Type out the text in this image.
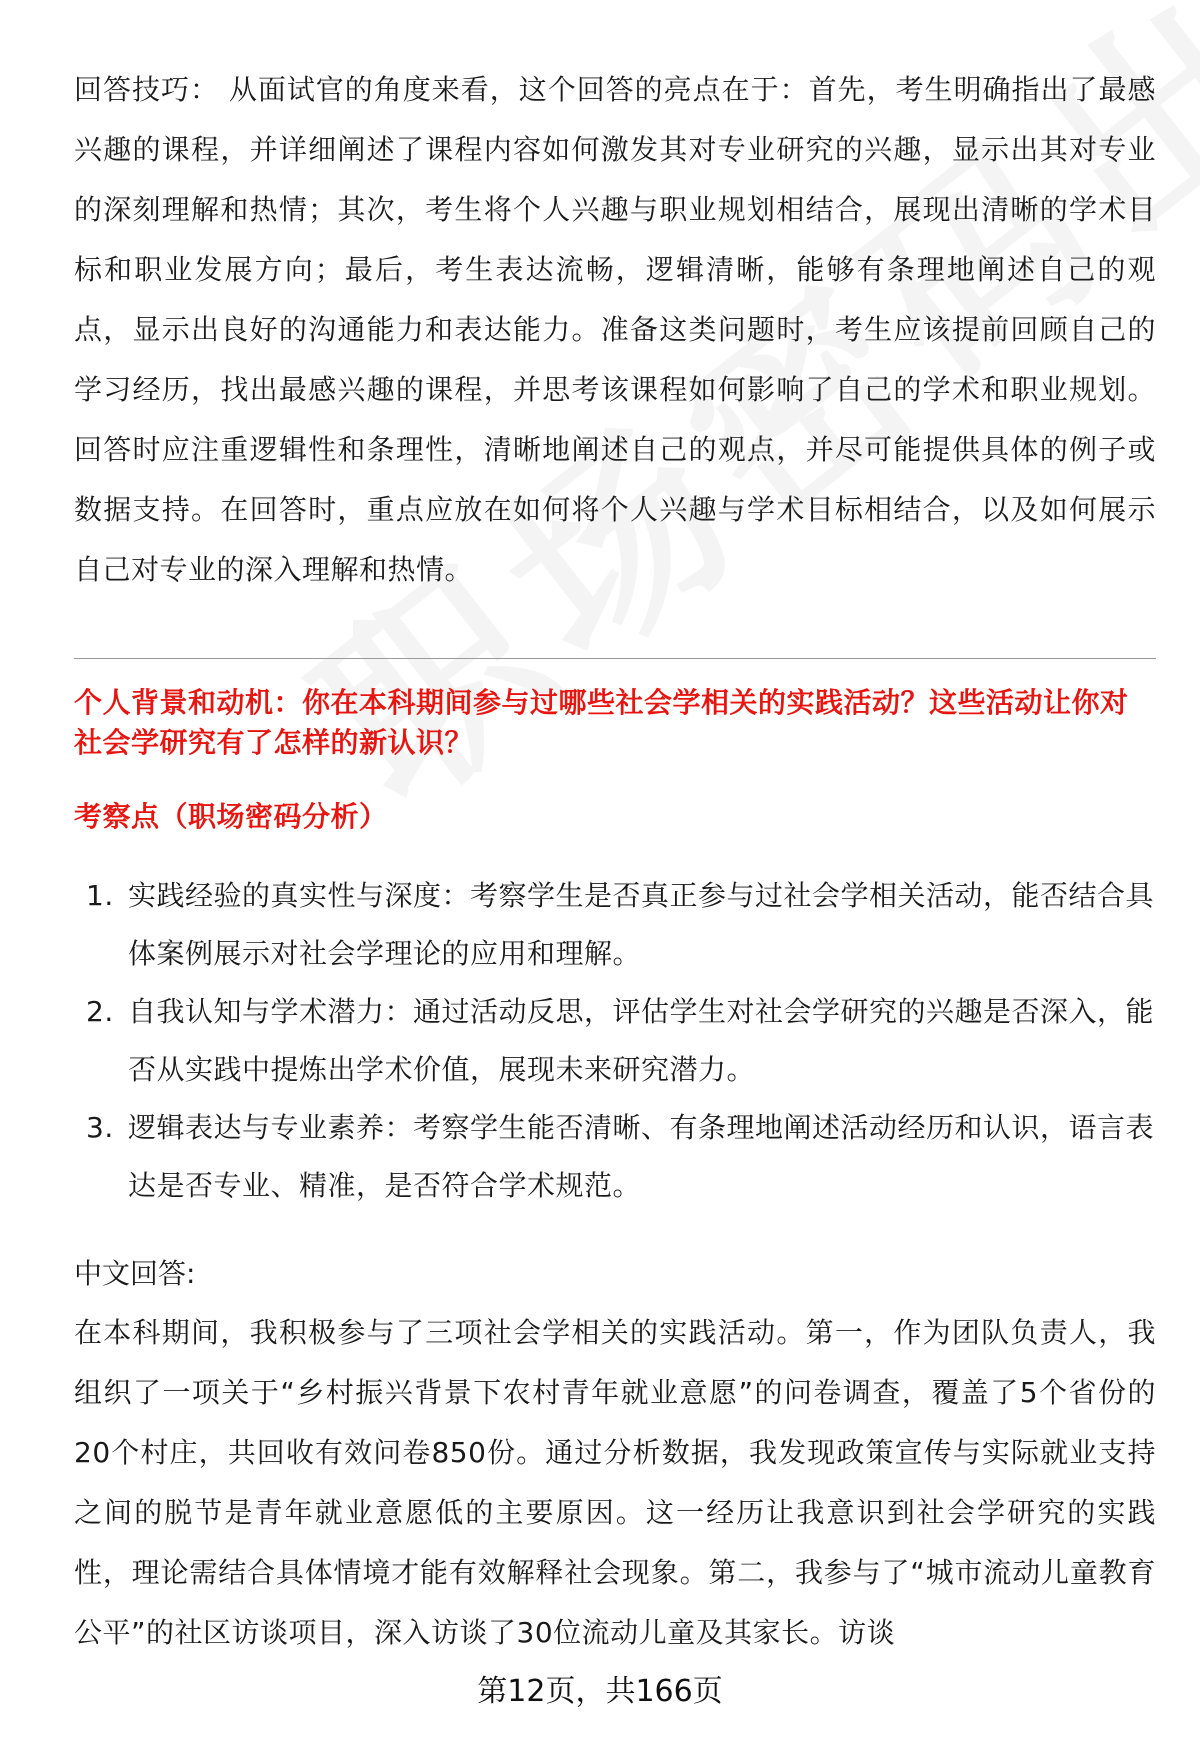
回答技巧： 从面试官的角度来看，这个回答的亮点在于：首先，考生明确指出了最感兴趣的课程，并详细阐述了课程内容如何激发其对专业研究的兴趣，显示出其对专业的深刻理解和热情；其次，考生将个人兴趣与职业规划相结合，展现出清晰的学术目标和职业发展方向；最后，考生表达流畅，逻辑清晰，能够有条理地阐述自己的观点，显示出良好的沟通能力和表达能力。准备这类问题时，考生应该提前回顾自己的学习经历，找出最感兴趣的课程，并思考该课程如何影响了自己的学术和职业规划。回答时应注重逻辑性和条理性，清晰地阐述自己的观点，并尽可能提供具体的例子或数据支持。在回答时，重点应放在如何将个人兴趣与学术目标相结合，以及如何展示自己对专业的深入理解和热情。

个人背景和动机：你在本科期间参与过哪些社会学相关的实践活动？这些活动让你对社会学研究有了怎样的新认识？

考察点（职场密码分析）

1. 实践经验的真实性与深度：考察学生是否真正参与过社会学相关活动，能否结合具体案例展示对社会学理论的应用和理解。
2. 自我认知与学术潜力：通过活动反思，评估学生对社会学研究的兴趣是否深入，能否从实践中提炼出学术价值，展现未来研究潜力。
3. 逻辑表达与专业素养：考察学生能否清晰、有条理地阐述活动经历和认识，语言表达是否专业、精准，是否符合学术规范。

中文回答:

在本科期间，我积极参与了三项社会学相关的实践活动。第一，作为团队负责人，我组织了一项关于“乡村振兴背景下农村青年就业意愿”的问卷调查，覆盖了5个省份的20个村庄，共回收有效问卷850份。通过分析数据，我发现政策宣传与实际就业支持之间的脱节是青年就业意愿低的主要原因。这一经历让我意识到社会学研究的实践性，理论需结合具体情境才能有效解释社会现象。第二，我参与了“城市流动儿童教育公平”的社区访谈项目，深入访谈了30位流动儿童及其家长。访谈

第12页，共166页
